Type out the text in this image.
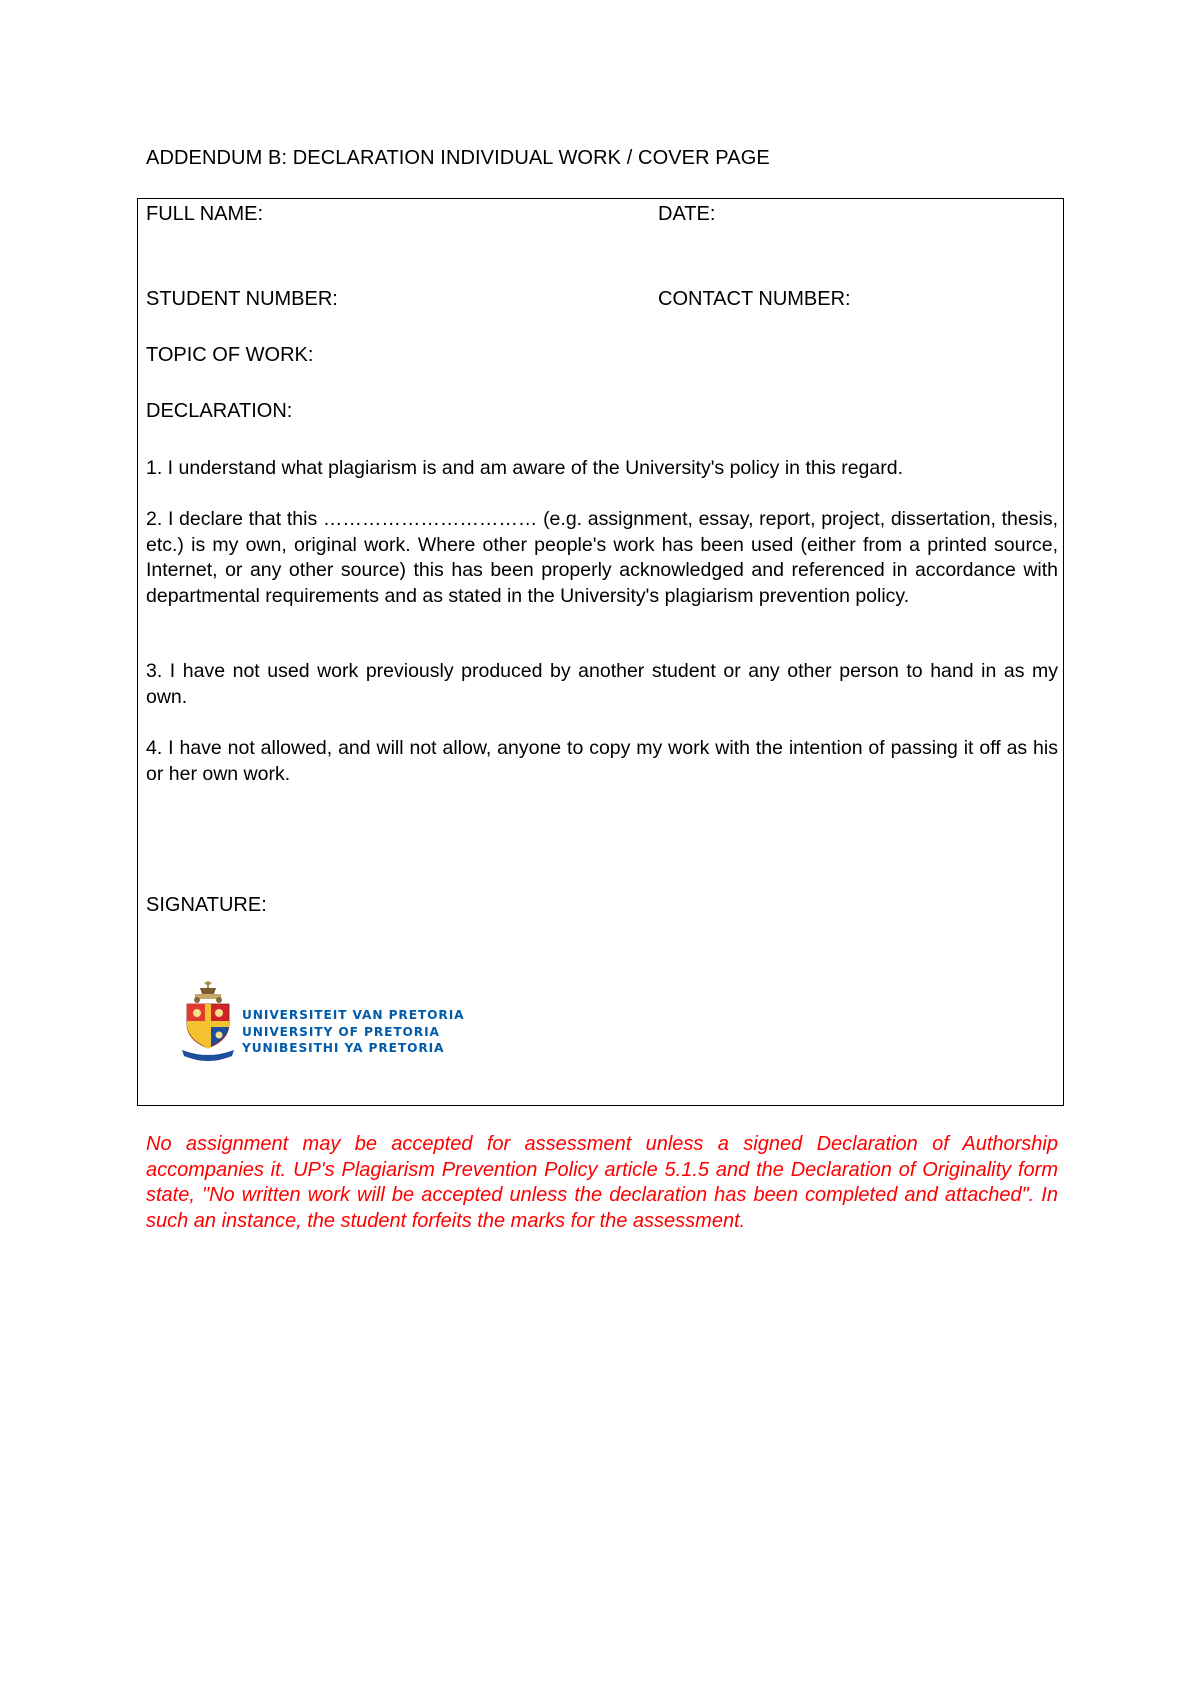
ADDENDUM B: DECLARATION INDIVIDUAL WORK / COVER PAGE
FULL NAME:	DATE:
STUDENT NUMBER:	CONTACT NUMBER:
TOPIC OF WORK:
DECLARATION:

1. I understand what plagiarism is and am aware of the University's policy in this regard.

2. I declare that this …………………………… (e.g. assignment, essay, report, project, dissertation, thesis, etc.) is my own, original work. Where other people's work has been used (either from a printed source, Internet, or any other source) this has been properly acknowledged and referenced in accordance with departmental requirements and as stated in the University's plagiarism prevention policy.

3. I have not used work previously produced by another student or any other person to hand in as my own.

4. I have not allowed, and will not allow, anyone to copy my work with the intention of passing it off as his or her own work.

SIGNATURE:
UNIVERSITEIT VAN PRETORIA
UNIVERSITY OF PRETORIA
YUNIBESITHI YA PRETORIA

No assignment may be accepted for assessment unless a signed Declaration of Authorship accompanies it. UP's Plagiarism Prevention Policy article 5.1.5 and the Declaration of Originality form state, "No written work will be accepted unless the declaration has been completed and attached". In such an instance, the student forfeits the marks for the assessment.
